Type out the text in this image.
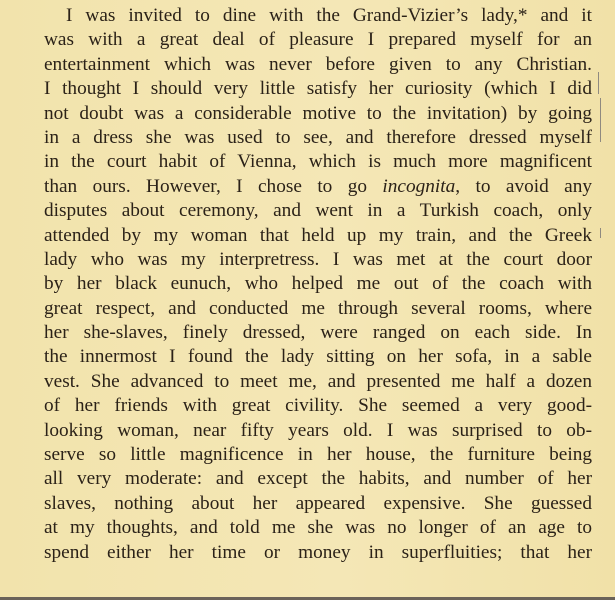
I was invited to dine with the Grand-Vizier’s lady,* and it
was with a great deal of pleasure I prepared myself for an
entertainment which was never before given to any Christian.
I thought I should very little satisfy her curiosity (which I did
not doubt was a considerable motive to the invitation) by going
in a dress she was used to see, and therefore dressed myself
in the court habit of Vienna, which is much more magnificent
than ours. However, I chose to go incognita, to avoid any
disputes about ceremony, and went in a Turkish coach, only
attended by my woman that held up my train, and the Greek
lady who was my interpretress. I was met at the court door
by her black eunuch, who helped me out of the coach with
great respect, and conducted me through several rooms, where
her she-slaves, finely dressed, were ranged on each side. In
the innermost I found the lady sitting on her sofa, in a sable
vest. She advanced to meet me, and presented me half a dozen
of her friends with great civility. She seemed a very good-
looking woman, near fifty years old. I was surprised to ob-
serve so little magnificence in her house, the furniture being
all very moderate: and except the habits, and number of her
slaves, nothing about her appeared expensive. She guessed
at my thoughts, and told me she was no longer of an age to
spend either her time or money in superfluities; that her
